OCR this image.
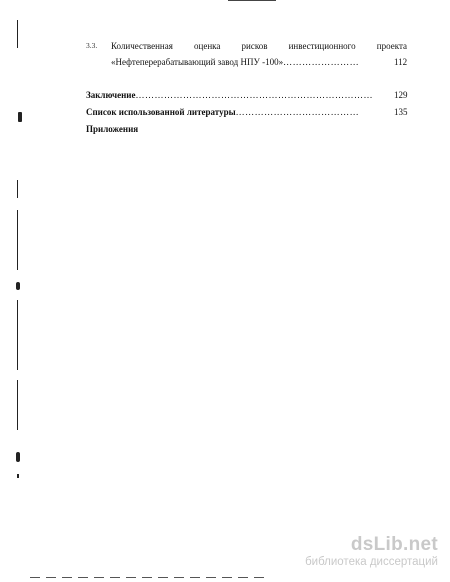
3.3. Количественная оценка рисков инвестиционного проекта
«Нефтеперерабатывающий завод НПУ -100»……………………	112
Заключение………………………………………………………………… 129
Список использованной литературы…………………………………	135
Приложения
dsLib.net
библиотека диссертаций
